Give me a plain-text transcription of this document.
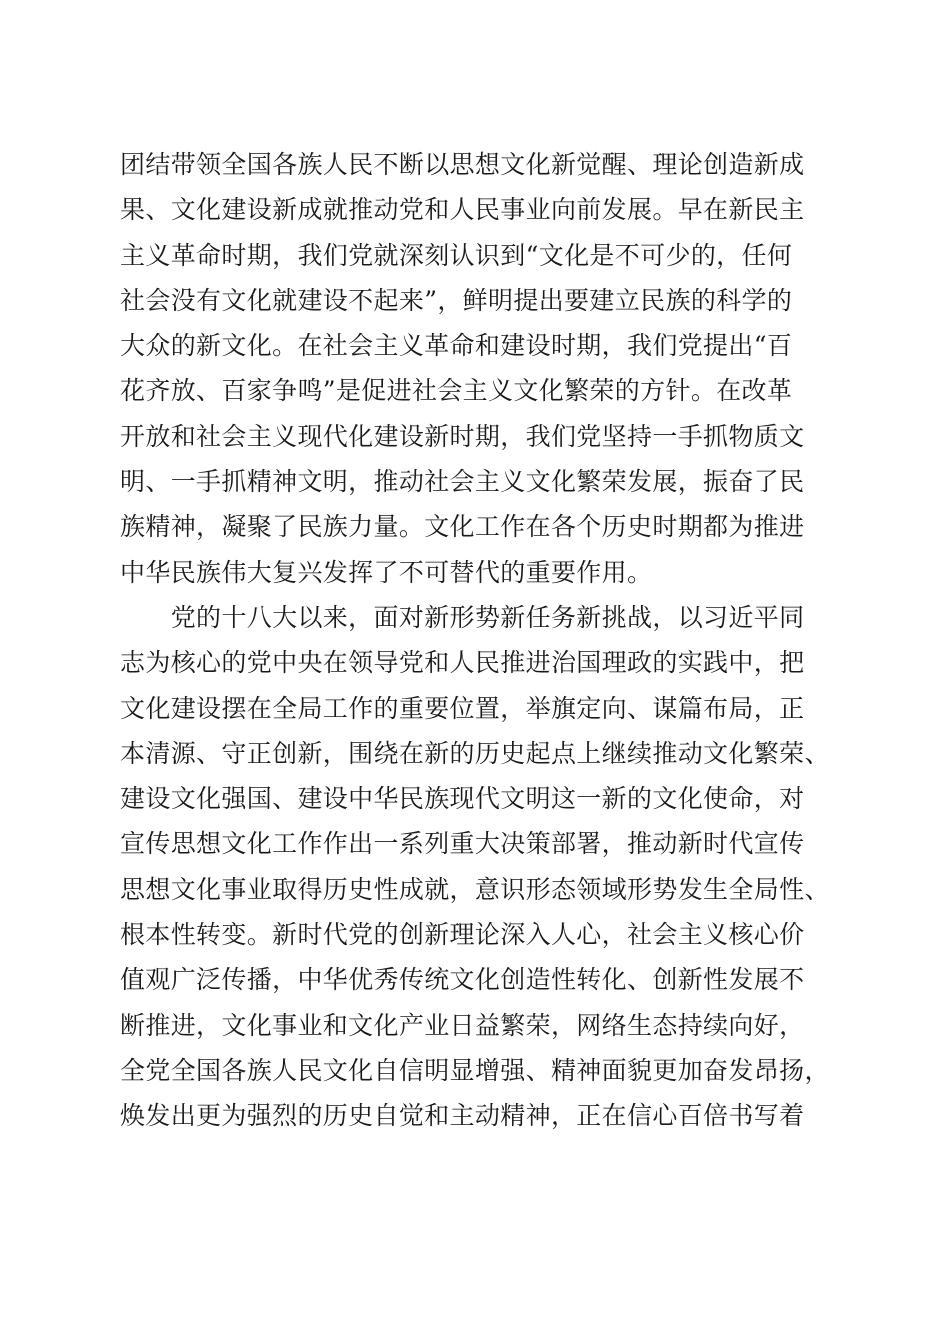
团结带领全国各族人民不断以思想文化新觉醒、理论创造新成
果、文化建设新成就推动党和人民事业向前发展。早在新民主
主义革命时期，我们党就深刻认识到“文化是不可少的，任何
社会没有文化就建设不起来”，鲜明提出要建立民族的科学的
大众的新文化。在社会主义革命和建设时期，我们党提出“百
花齐放、百家争鸣”是促进社会主义文化繁荣的方针。在改革
开放和社会主义现代化建设新时期，我们党坚持一手抓物质文
明、一手抓精神文明，推动社会主义文化繁荣发展，振奋了民
族精神，凝聚了民族力量。文化工作在各个历史时期都为推进
中华民族伟大复兴发挥了不可替代的重要作用。
　　党的十八大以来，面对新形势新任务新挑战，以习近平同
志为核心的党中央在领导党和人民推进治国理政的实践中，把
文化建设摆在全局工作的重要位置，举旗定向、谋篇布局，正
本清源、守正创新，围绕在新的历史起点上继续推动文化繁荣、
建设文化强国、建设中华民族现代文明这一新的文化使命，对
宣传思想文化工作作出一系列重大决策部署，推动新时代宣传
思想文化事业取得历史性成就，意识形态领域形势发生全局性、
根本性转变。新时代党的创新理论深入人心，社会主义核心价
值观广泛传播，中华优秀传统文化创造性转化、创新性发展不
断推进，文化事业和文化产业日益繁荣，网络生态持续向好，
全党全国各族人民文化自信明显增强、精神面貌更加奋发昂扬，
焕发出更为强烈的历史自觉和主动精神，正在信心百倍书写着
